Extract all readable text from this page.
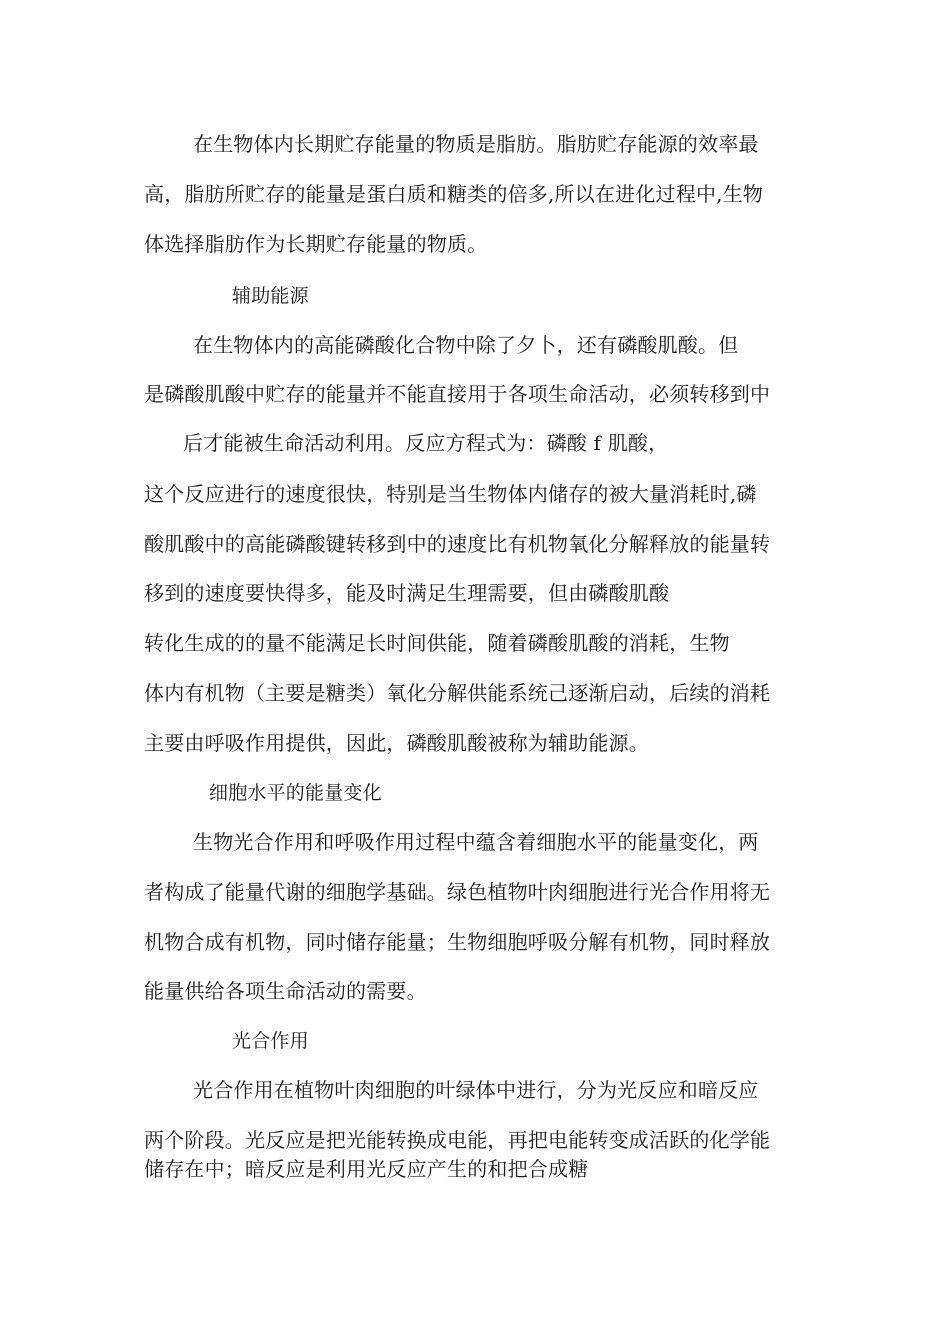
在生物体内长期贮存能量的物质是脂肪。脂肪贮存能源的效率最
高，脂肪所贮存的能量是蛋白质和糖类的倍多,所以在进化过程中,生物
体选择脂肪作为长期贮存能量的物质。
辅助能源
在生物体内的高能磷酸化合物中除了夕卜，还有磷酸肌酸。但
是磷酸肌酸中贮存的能量并不能直接用于各项生命活动，必须转移到中
后才能被生命活动利用。反应方程式为：磷酸 f 肌酸，
这个反应进行的速度很快，特别是当生物体内储存的被大量消耗时,磷
酸肌酸中的高能磷酸键转移到中的速度比有机物氧化分解释放的能量转
移到的速度要快得多，能及时满足生理需要，但由磷酸肌酸
转化生成的的量不能满足长时间供能，随着磷酸肌酸的消耗，生物
体内有机物（主要是糖类）氧化分解供能系统己逐渐启动，后续的消耗
主要由呼吸作用提供，因此，磷酸肌酸被称为辅助能源。
细胞水平的能量变化
生物光合作用和呼吸作用过程中蕴含着细胞水平的能量变化，两
者构成了能量代谢的细胞学基础。绿色植物叶肉细胞进行光合作用将无
机物合成有机物，同吋储存能量；生物细胞呼吸分解有机物，同时释放
能量供给各项生命活动的需要。
光合作用
光合作用在植物叶肉细胞的叶绿体中进行，分为光反应和暗反应
两个阶段。光反应是把光能转换成电能，再把电能转变成活跃的化学能
储存在中；暗反应是利用光反应产生的和把合成糖
